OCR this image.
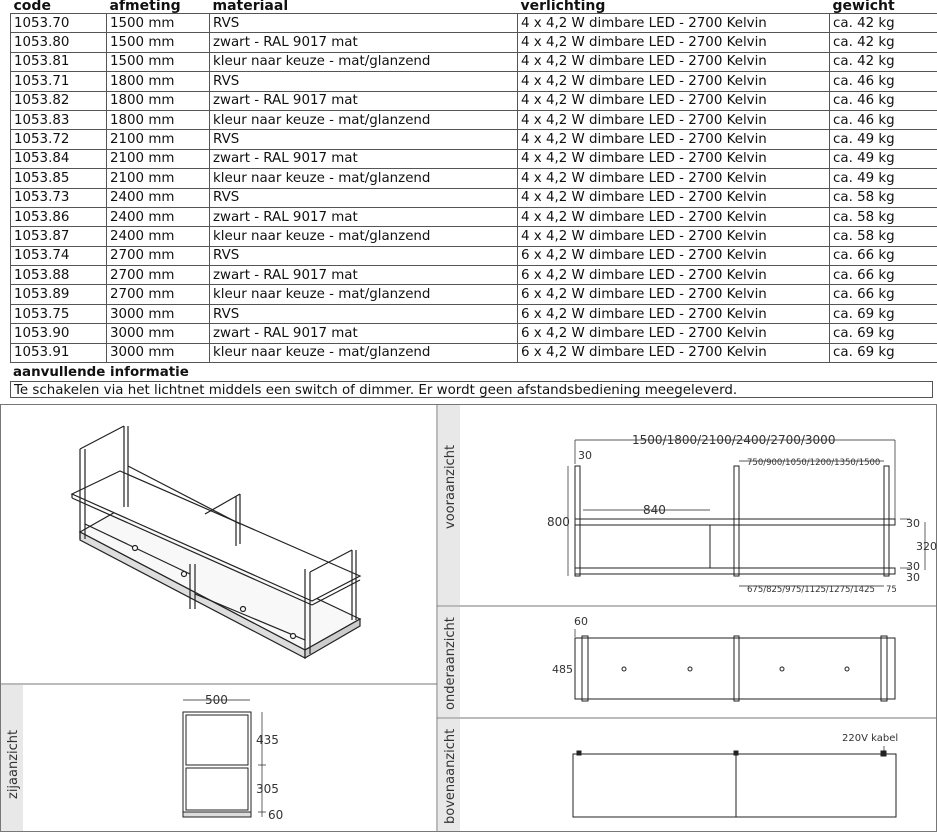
code	afmeting	materiaal	verlichting	gewicht
1053.70	1500 mm	RVS	4 x 4,2 W dimbare LED - 2700 Kelvin	ca. 42 kg
1053.80	1500 mm	zwart - RAL 9017 mat	4 x 4,2 W dimbare LED - 2700 Kelvin	ca. 42 kg
1053.81	1500 mm	kleur naar keuze - mat/glanzend	4 x 4,2 W dimbare LED - 2700 Kelvin	ca. 42 kg
1053.71	1800 mm	RVS	4 x 4,2 W dimbare LED - 2700 Kelvin	ca. 46 kg
1053.82	1800 mm	zwart - RAL 9017 mat	4 x 4,2 W dimbare LED - 2700 Kelvin	ca. 46 kg
1053.83	1800 mm	kleur naar keuze - mat/glanzend	4 x 4,2 W dimbare LED - 2700 Kelvin	ca. 46 kg
1053.72	2100 mm	RVS	4 x 4,2 W dimbare LED - 2700 Kelvin	ca. 49 kg
1053.84	2100 mm	zwart - RAL 9017 mat	4 x 4,2 W dimbare LED - 2700 Kelvin	ca. 49 kg
1053.85	2100 mm	kleur naar keuze - mat/glanzend	4 x 4,2 W dimbare LED - 2700 Kelvin	ca. 49 kg
1053.73	2400 mm	RVS	4 x 4,2 W dimbare LED - 2700 Kelvin	ca. 58 kg
1053.86	2400 mm	zwart - RAL 9017 mat	4 x 4,2 W dimbare LED - 2700 Kelvin	ca. 58 kg
1053.87	2400 mm	kleur naar keuze - mat/glanzend	4 x 4,2 W dimbare LED - 2700 Kelvin	ca. 58 kg
1053.74	2700 mm	RVS	6 x 4,2 W dimbare LED - 2700 Kelvin	ca. 66 kg
1053.88	2700 mm	zwart - RAL 9017 mat	6 x 4,2 W dimbare LED - 2700 Kelvin	ca. 66 kg
1053.89	2700 mm	kleur naar keuze - mat/glanzend	6 x 4,2 W dimbare LED - 2700 Kelvin	ca. 66 kg
1053.75	3000 mm	RVS	6 x 4,2 W dimbare LED - 2700 Kelvin	ca. 69 kg
1053.90	3000 mm	zwart - RAL 9017 mat	6 x 4,2 W dimbare LED - 2700 Kelvin	ca. 69 kg
1053.91	3000 mm	kleur naar keuze - mat/glanzend	6 x 4,2 W dimbare LED - 2700 Kelvin	ca. 69 kg
aanvullende informatie
Te schakelen via het lichtnet middels een switch of dimmer. Er wordt geen afstandsbediening meegeleverd.
vooraanzicht
onderaanzicht
bovenaanzicht
zijaanzicht
1500/1800/2100/2400/2700/3000
30
750/900/1050/1200/1350/1500
675/825/975/1125/1275/1425 75
840
800	30
320
30
30
60
485
220V kabel
500
435
305
60
